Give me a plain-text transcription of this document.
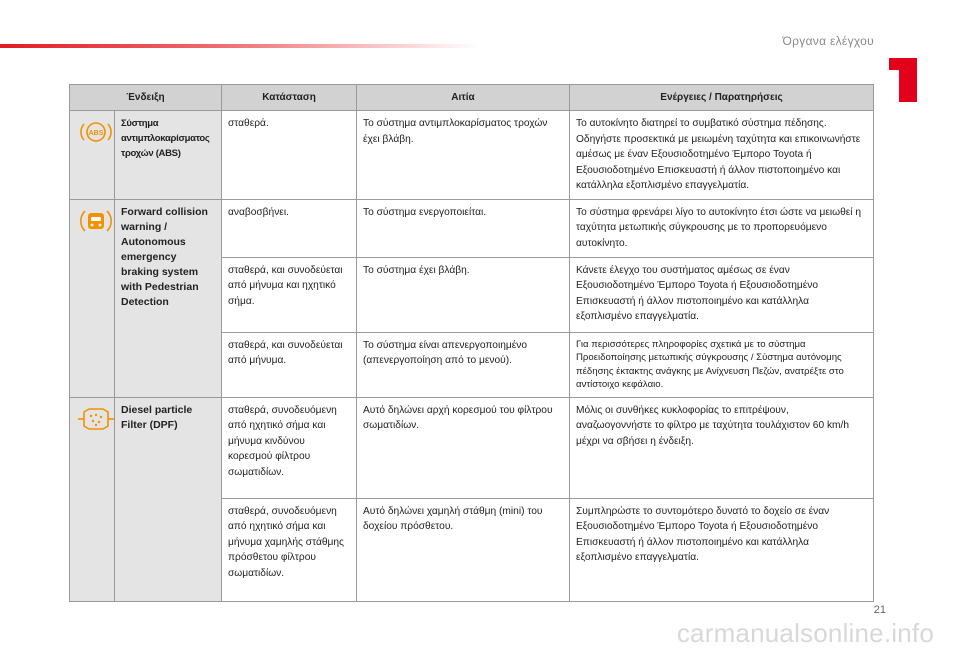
Όργανα ελέγχου
Ένδειξη		Κατάσταση	Αιτία	Ενέργειες / Παρατηρήσεις

ABS	Σύστημα αντιμπλοκαρίσματος τροχών (ABS)	σταθερά.	Το σύστημα αντιμπλοκαρίσματος τροχών έχει βλάβη.	Το αυτοκίνητο διατηρεί το συμβατικό σύστημα πέδησης. Οδηγήστε προσεκτικά με μειωμένη ταχύτητα και επικοινωνήστε αμέσως με έναν Εξουσιοδοτημένο Έμπορο Toyota ή Εξουσιοδοτημένο Επισκευαστή ή άλλον πιστοποιημένο και κατάλληλα εξοπλισμένο επαγγελματία.
	Forward collision warning / Autonomous emergency braking system with Pedestrian Detection	αναβοσβήνει.	Το σύστημα ενεργοποιείται.	Το σύστημα φρενάρει λίγο το αυτοκίνητο έτσι ώστε να μειωθεί η ταχύτητα μετωπικής σύγκρουσης με το προπορευόμενο αυτοκίνητο.
		σταθερά, και συνοδεύεται από μήνυμα και ηχητικό σήμα.	Το σύστημα έχει βλάβη.	Κάνετε έλεγχο του συστήματος αμέσως σε έναν Εξουσιοδοτημένο Έμπορο Toyota ή Εξουσιοδοτημένο Επισκευαστή ή άλλον πιστοποιημένο και κατάλληλα εξοπλισμένο επαγγελματία.
		σταθερά, και συνοδεύεται από μήνυμα.	Το σύστημα είναι απενεργοποιημένο (απενεργοποίηση από το μενού).	Για περισσότερες πληροφορίες σχετικά με το σύστημα Προειδοποίησης μετωπικής σύγκρουσης / Σύστημα αυτόνομης πέδησης έκτακτης ανάγκης με Ανίχνευση Πεζών, ανατρέξτε στο αντίστοιχο κεφάλαιο.
	Diesel particle Filter (DPF)	σταθερά, συνοδευόμενη από ηχητικό σήμα και μήνυμα κινδύνου κορεσμού φίλτρου σωματιδίων.	Αυτό δηλώνει αρχή κορεσμού του φίλτρου σωματιδίων.	Μόλις οι συνθήκες κυκλοφορίας το επιτρέψουν, αναζωογοννήστε το φίλτρο με ταχύτητα τουλάχιστον 60 km/h μέχρι να σβήσει η ένδειξη.
		σταθερά, συνοδευόμενη από ηχητικό σήμα και μήνυμα χαμηλής στάθμης πρόσθετου φίλτρου σωματιδίων.	Αυτό δηλώνει χαμηλή στάθμη (mini) του δοχείου πρόσθετου.	Συμπληρώστε το συντομότερο δυνατό το δοχείο σε έναν Εξουσιοδοτημένο Έμπορο Toyota ή Εξουσιοδοτημένο Επισκευαστή ή άλλον πιστοποιημένο και κατάλληλα εξοπλισμένο επαγγελματία.
21
carmanualsonline.info
